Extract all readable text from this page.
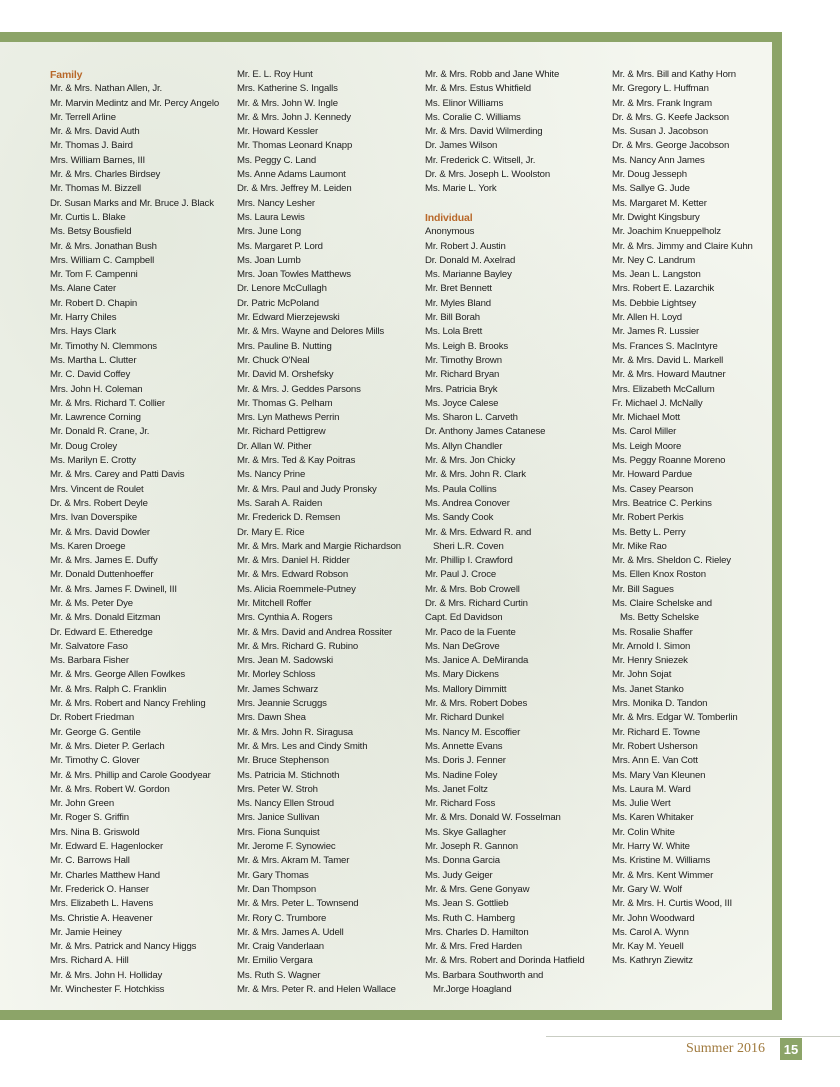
Family
Mr. & Mrs. Nathan Allen, Jr.
Mr. Marvin Medintz and Mr. Percy Angelo
Mr. Terrell Arline
Mr. & Mrs. David Auth
Mr. Thomas J. Baird
Mrs. William Barnes, III
Mr. & Mrs. Charles Birdsey
Mr. Thomas M. Bizzell
Dr. Susan Marks and Mr. Bruce J. Black
Mr. Curtis L. Blake
Ms. Betsy Bousfield
Mr. & Mrs. Jonathan Bush
Mrs. William C. Campbell
Mr. Tom F. Campenni
Ms. Alane Cater
Mr. Robert D. Chapin
Mr. Harry Chiles
Mrs. Hays Clark
Mr. Timothy N. Clemmons
Ms. Martha L. Clutter
Mr. C. David Coffey
Mrs. John H. Coleman
Mr. & Mrs. Richard T. Collier
Mr. Lawrence Corning
Mr. Donald R. Crane, Jr.
Mr. Doug Croley
Ms. Marilyn E. Crotty
Mr. & Mrs. Carey and Patti Davis
Mrs. Vincent de Roulet
Dr. & Mrs. Robert Deyle
Mrs. Ivan Doverspike
Mr. & Mrs. David Dowler
Ms. Karen Droege
Mr. & Mrs. James E. Duffy
Mr. Donald Duttenhoeffer
Mr. & Mrs. James F. Dwinell, III
Mr. & Ms. Peter Dye
Mr. & Mrs. Donald Eitzman
Dr. Edward E. Etheredge
Mr. Salvatore Faso
Ms. Barbara Fisher
Mr. & Mrs. George Allen Fowlkes
Mr. & Mrs. Ralph C. Franklin
Mr. & Mrs. Robert and Nancy Frehling
Dr. Robert Friedman
Mr. George G. Gentile
Mr. & Mrs. Dieter P. Gerlach
Mr. Timothy C. Glover
Mr. & Mrs. Phillip and Carole Goodyear
Mr. & Mrs. Robert W. Gordon
Mr. John Green
Mr. Roger S. Griffin
Mrs. Nina B. Griswold
Mr. Edward E. Hagenlocker
Mr. C. Barrows Hall
Mr. Charles Matthew Hand
Mr. Frederick O. Hanser
Mrs. Elizabeth L. Havens
Ms. Christie A. Heavener
Mr. Jamie Heiney
Mr. & Mrs. Patrick and Nancy Higgs
Mrs. Richard A. Hill
Mr. & Mrs. John H. Holliday
Mr. Winchester F. Hotchkiss
Mr. E. L. Roy Hunt
Mrs. Katherine S. Ingalls
Mr. & Mrs. John W. Ingle
Mr. & Mrs. John J. Kennedy
Mr. Howard Kessler
Mr. Thomas Leonard Knapp
Ms. Peggy C. Land
Ms. Anne Adams Laumont
Dr. & Mrs. Jeffrey M. Leiden
Mrs. Nancy Lesher
Ms. Laura Lewis
Mrs. June Long
Ms. Margaret P. Lord
Ms. Joan Lumb
Mrs. Joan Towles Matthews
Dr. Lenore McCullagh
Dr. Patric McPoland
Mr. Edward Mierzejewski
Mr. & Mrs. Wayne and Delores Mills
Mrs. Pauline B. Nutting
Mr. Chuck O'Neal
Mr. David M. Orshefsky
Mr. & Mrs. J. Geddes Parsons
Mr. Thomas G. Pelham
Mrs. Lyn Mathews Perrin
Mr. Richard Pettigrew
Dr. Allan W. Pither
Mr. & Mrs. Ted & Kay Poitras
Ms. Nancy Prine
Mr. & Mrs. Paul and Judy Pronsky
Ms. Sarah A. Raiden
Mr. Frederick D. Remsen
Dr. Mary E. Rice
Mr. & Mrs. Mark and Margie Richardson
Mr. & Mrs. Daniel H. Ridder
Mr. & Mrs. Edward Robson
Ms. Alicia Roemmele-Putney
Mr. Mitchell Roffer
Mrs. Cynthia A. Rogers
Mr. & Mrs. David and Andrea Rossiter
Mr. & Mrs. Richard G. Rubino
Mrs. Jean M. Sadowski
Mr. Morley Schloss
Mr. James Schwarz
Mrs. Jeannie Scruggs
Mrs. Dawn Shea
Mr. & Mrs. John R. Siragusa
Mr. & Mrs. Les and Cindy Smith
Mr. Bruce Stephenson
Ms. Patricia M. Stichnoth
Mrs. Peter W. Stroh
Ms. Nancy Ellen Stroud
Mrs. Janice Sullivan
Mrs. Fiona Sunquist
Mr. Jerome F. Synowiec
Mr. & Mrs. Akram M. Tamer
Mr. Gary Thomas
Mr. Dan Thompson
Mr. & Mrs. Peter L. Townsend
Mr. Rory C. Trumbore
Mr. & Mrs. James A. Udell
Mr. Craig Vanderlaan
Mr. Emilio Vergara
Ms. Ruth S. Wagner
Mr. & Mrs. Peter R. and Helen Wallace
Mr. & Mrs. Robb and Jane White
Mr. & Mrs. Estus Whitfield
Ms. Elinor Williams
Ms. Coralie C. Williams
Mr. & Mrs. David Wilmerding
Dr. James Wilson
Mr. Frederick C. Witsell, Jr.
Dr. & Mrs. Joseph L. Woolston
Ms. Marie L. York
Individual
Anonymous
Mr. Robert J. Austin
Dr. Donald M. Axelrad
Ms. Marianne Bayley
Mr. Bret Bennett
Mr. Myles Bland
Mr. Bill Borah
Ms. Lola Brett
Ms. Leigh B. Brooks
Mr. Timothy Brown
Mr. Richard Bryan
Mrs. Patricia Bryk
Ms. Joyce Calese
Ms. Sharon L. Carveth
Dr. Anthony James Catanese
Ms. Allyn Chandler
Mr. & Mrs. Jon Chicky
Mr. & Mrs. John R. Clark
Ms. Paula Collins
Ms. Andrea Conover
Ms. Sandy Cook
Mr. & Mrs. Edward R. and
Sheri L.R. Coven
Mr. Phillip I. Crawford
Mr. Paul J. Croce
Mr. & Mrs. Bob Crowell
Dr. & Mrs. Richard Curtin
Capt. Ed Davidson
Mr. Paco de la Fuente
Ms. Nan DeGrove
Ms. Janice A. DeMiranda
Ms. Mary Dickens
Ms. Mallory Dimmitt
Mr. & Mrs. Robert Dobes
Mr. Richard Dunkel
Ms. Nancy M. Escoffier
Ms. Annette Evans
Ms. Doris J. Fenner
Ms. Nadine Foley
Ms. Janet Foltz
Mr. Richard Foss
Mr. & Mrs. Donald W. Fosselman
Ms. Skye Gallagher
Mr. Joseph R. Gannon
Ms. Donna Garcia
Ms. Judy Geiger
Mr. & Mrs. Gene Gonyaw
Ms. Jean S. Gottlieb
Ms. Ruth C. Hamberg
Mrs. Charles D. Hamilton
Mr. & Mrs. Fred Harden
Mr. & Mrs. Robert and Dorinda Hatfield
Ms. Barbara Southworth and
Mr.Jorge Hoagland
Mr. & Mrs. Bill and Kathy Horn
Mr. Gregory L. Huffman
Mr. & Mrs. Frank Ingram
Dr. & Mrs. G. Keefe Jackson
Ms. Susan J. Jacobson
Dr. & Mrs. George Jacobson
Ms. Nancy Ann James
Mr. Doug Jesseph
Ms. Sallye G. Jude
Ms. Margaret M. Ketter
Mr. Dwight Kingsbury
Mr. Joachim Knueppelholz
Mr. & Mrs. Jimmy and Claire Kuhn
Mr. Ney C. Landrum
Ms. Jean L. Langston
Mrs. Robert E. Lazarchik
Ms. Debbie Lightsey
Mr. Allen H. Loyd
Mr. James R. Lussier
Ms. Frances S. MacIntyre
Mr. & Mrs. David L. Markell
Mr. & Mrs. Howard Mautner
Mrs. Elizabeth McCallum
Fr. Michael J. McNally
Mr. Michael Mott
Ms. Carol Miller
Ms. Leigh Moore
Ms. Peggy Roanne Moreno
Mr. Howard Pardue
Ms. Casey Pearson
Mrs. Beatrice C. Perkins
Mr. Robert Perkis
Ms. Betty L. Perry
Mr. Mike Rao
Mr. & Mrs. Sheldon C. Rieley
Ms. Ellen Knox Roston
Mr. Bill Sagues
Ms. Claire Schelske and
Ms. Betty Schelske
Ms. Rosalie Shaffer
Mr. Arnold I. Simon
Mr. Henry Sniezek
Mr. John Sojat
Ms. Janet Stanko
Mrs. Monika D. Tandon
Mr. & Mrs. Edgar W. Tomberlin
Mr. Richard E. Towne
Mr. Robert Usherson
Mrs. Ann E. Van Cott
Ms. Mary Van Kleunen
Ms. Laura M. Ward
Ms. Julie Wert
Ms. Karen Whitaker
Mr. Colin White
Mr. Harry W. White
Ms. Kristine M. Williams
Mr. & Mrs. Kent Wimmer
Mr. Gary W. Wolf
Mr. & Mrs. H. Curtis Wood, III
Mr. John Woodward
Ms. Carol A. Wynn
Mr. Kay M. Yeuell
Ms. Kathryn Ziewitz
Summer 2016 15
